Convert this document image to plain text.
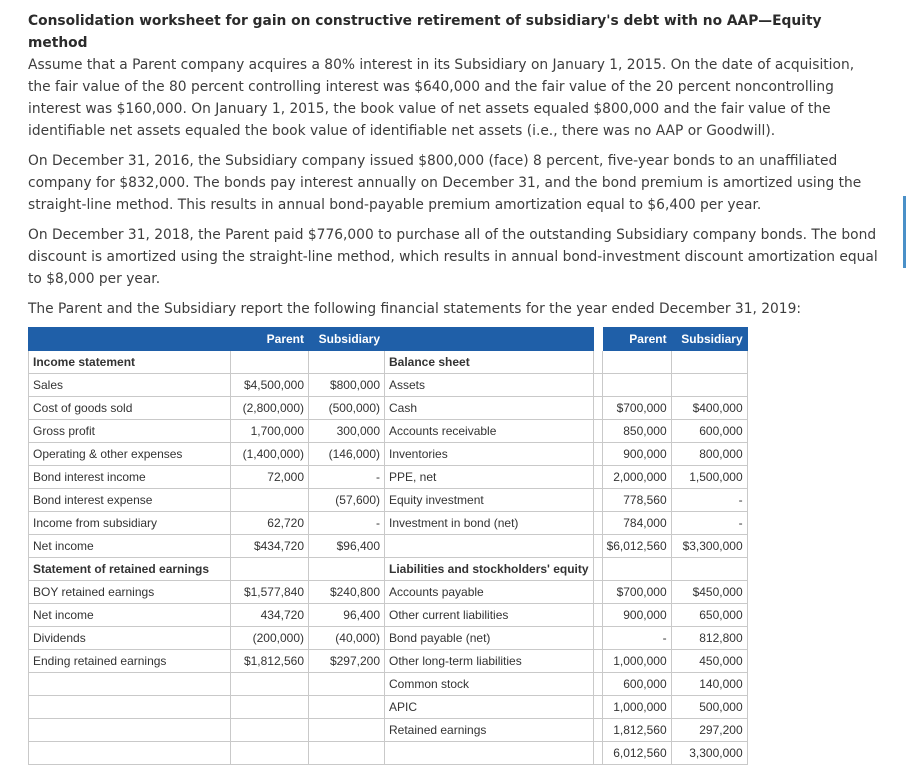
Consolidation worksheet for gain on constructive retirement of subsidiary's debt with no AAP—Equity method
Assume that a Parent company acquires a 80% interest in its Subsidiary on January 1, 2015. On the date of acquisition, the fair value of the 80 percent controlling interest was $640,000 and the fair value of the 20 percent noncontrolling interest was $160,000. On January 1, 2015, the book value of net assets equaled $800,000 and the fair value of the identifiable net assets equaled the book value of identifiable net assets (i.e., there was no AAP or Goodwill).

On December 31, 2016, the Subsidiary company issued $800,000 (face) 8 percent, five-year bonds to an unaffiliated company for $832,000. The bonds pay interest annually on December 31, and the bond premium is amortized using the straight-line method. This results in annual bond-payable premium amortization equal to $6,400 per year.

On December 31, 2018, the Parent paid $776,000 to purchase all of the outstanding Subsidiary company bonds. The bond discount is amortized using the straight-line method, which results in annual bond-investment discount amortization equal to $8,000 per year.

The Parent and the Subsidiary report the following financial statements for the year ended December 31, 2019:

	Parent	Subsidiary			Parent	Subsidiary
Income statement			Balance sheet			
Sales	$4,500,000	$800,000	Assets			
Cost of goods sold	(2,800,000)	(500,000)	Cash		$700,000	$400,000
Gross profit	1,700,000	300,000	Accounts receivable		850,000	600,000
Operating & other expenses	(1,400,000)	(146,000)	Inventories		900,000	800,000
Bond interest income	72,000	-	PPE, net		2,000,000	1,500,000
Bond interest expense		(57,600)	Equity investment		778,560	-
Income from subsidiary	62,720	-	Investment in bond (net)		784,000	-
Net income	$434,720	$96,400			$6,012,560	$3,300,000
Statement of retained earnings			Liabilities and stockholders' equity			
BOY retained earnings	$1,577,840	$240,800	Accounts payable		$700,000	$450,000
Net income	434,720	96,400	Other current liabilities		900,000	650,000
Dividends	(200,000)	(40,000)	Bond payable (net)		-	812,800
Ending retained earnings	$1,812,560	$297,200	Other long-term liabilities		1,000,000	450,000
			Common stock		600,000	140,000
			APIC		1,000,000	500,000
			Retained earnings		1,812,560	297,200
					6,012,560	3,300,000
